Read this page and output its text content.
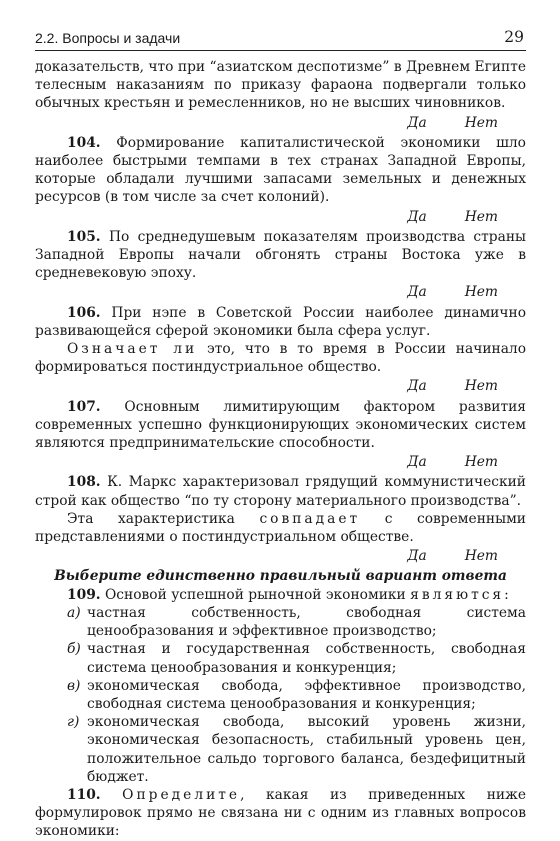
2.2. Вопросы и задачи	29

доказательств, что при “азиатском деспотизме” в Древнем Египте телесным наказаниям по приказу фараона подвергали только обычных крестьян и ремесленников, но не высших чиновников.

Да	Нет

104. Формирование капиталистической экономики шло наиболее быстрыми темпами в тех странах Западной Европы, которые обладали лучшими запасами земельных и денежных ресурсов (в том числе за счет колоний).

Да	Нет

105. По среднедушевым показателям производства страны Западной Европы начали обгонять страны Востока уже в средневековую эпоху.

Да	Нет

106. При нэпе в Советской России наиболее динамично развивающейся сферой экономики была сфера услуг.

Означает ли это, что в то время в России начинало формироваться постиндустриальное общество.

Да	Нет

107. Основным лимитирующим фактором развития современных успешно функционирующих экономических систем являются предпринимательские способности.

Да	Нет

108. К. Маркс характеризовал грядущий коммунистический строй как общество “по ту сторону материального производства”.

Эта характеристика совпадает с современными представлениями о постиндустриальном обществе.

Да	Нет

Выберите единственно правильный вариант ответа

109. Основой успешной рыночной экономики являются:

а) частная собственность, свободная система ценообразования и эффективное производство;

б) частная и государственная собственность, свободная система ценообразования и конкуренция;

в) экономическая свобода, эффективное производство, свободная система ценообразования и конкуренция;

г) экономическая свобода, высокий уровень жизни, экономическая безопасность, стабильный уровень цен, положительное сальдо торгового баланса, бездефицитный бюджет.

110. Определите, какая из приведенных ниже формулировок прямо не связана ни с одним из главных вопросов экономики:
